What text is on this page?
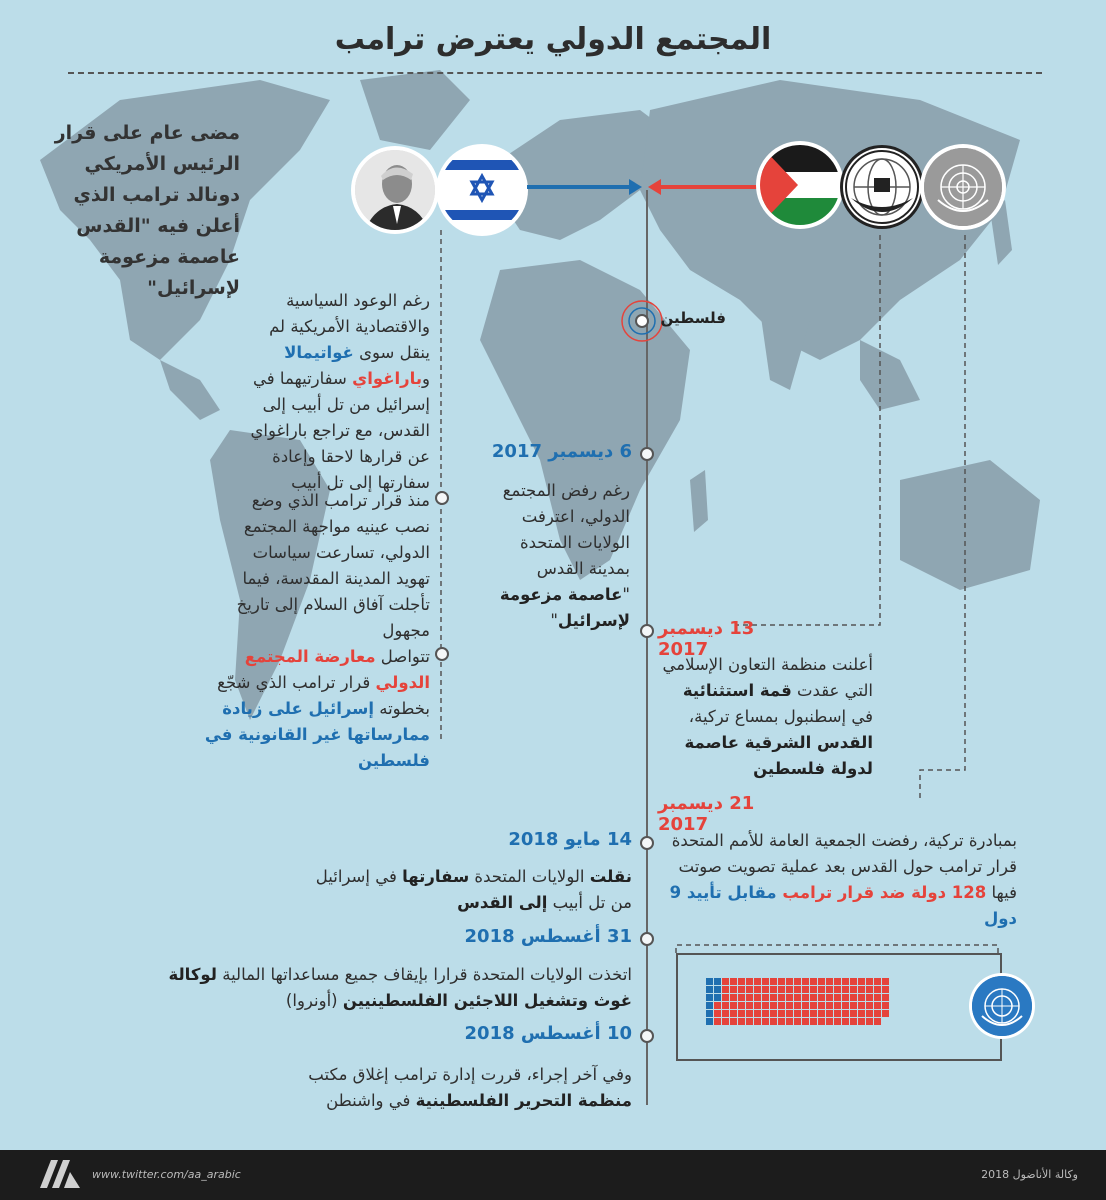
المجتمع الدولي يعترض ترامب
مضى عام على قرار الرئيس الأمريكي دونالد ترامب الذي أعلن فيه "القدس عاصمة مزعومة لإسرائيل"
فلسطين
رغم الوعود السياسية والاقتصادية الأمريكية لم ينقل سوى غواتيمالا وباراغواي سفارتيهما في إسرائيل من تل أبيب إلى القدس، مع تراجع باراغواي عن قرارها لاحقا وإعادة سفارتها إلى تل أبيب
منذ قرار ترامب الذي وضع نصب عينيه مواجهة المجتمع الدولي، تسارعت سياسات تهويد المدينة المقدسة، فيما تأجلت آفاق السلام إلى تاريخ مجهول
تتواصل معارضة المجتمع الدولي قرار ترامب الذي شجّع بخطوته إسرائيل على زيادة ممارساتها غير القانونية في فلسطين
6 ديسمبر 2017
رغم رفض المجتمع الدولي، اعترفت الولايات المتحدة بمدينة القدس "عاصمة مزعومة لإسرائيل"	13 ديسمبر 2017
أعلنت منظمة التعاون الإسلامي التي عقدت قمة استثنائية في إسطنبول بمساع تركية، القدس الشرقية عاصمة لدولة فلسطين
21 ديسمبر 2017
بمبادرة تركية، رفضت الجمعية العامة للأمم المتحدة قرار ترامب حول القدس بعد عملية تصويت صوتت فيها 128 دولة ضد قرار ترامب مقابل تأييد 9 دول
14 مايو 2018
نقلت الولايات المتحدة سفارتها في إسرائيل من تل أبيب إلى القدس
31 أغسطس 2018
اتخذت الولايات المتحدة قرارا بإيقاف جميع مساعداتها المالية لوكالة غوث وتشغيل اللاجئين الفلسطينيين (أونروا)
10 أغسطس 2018
وفي آخر إجراء، قررت إدارة ترامب إغلاق مكتب منظمة التحرير الفلسطينية في واشنطن
www.twitter.com/aa_arabic	وكالة الأناضول 2018
